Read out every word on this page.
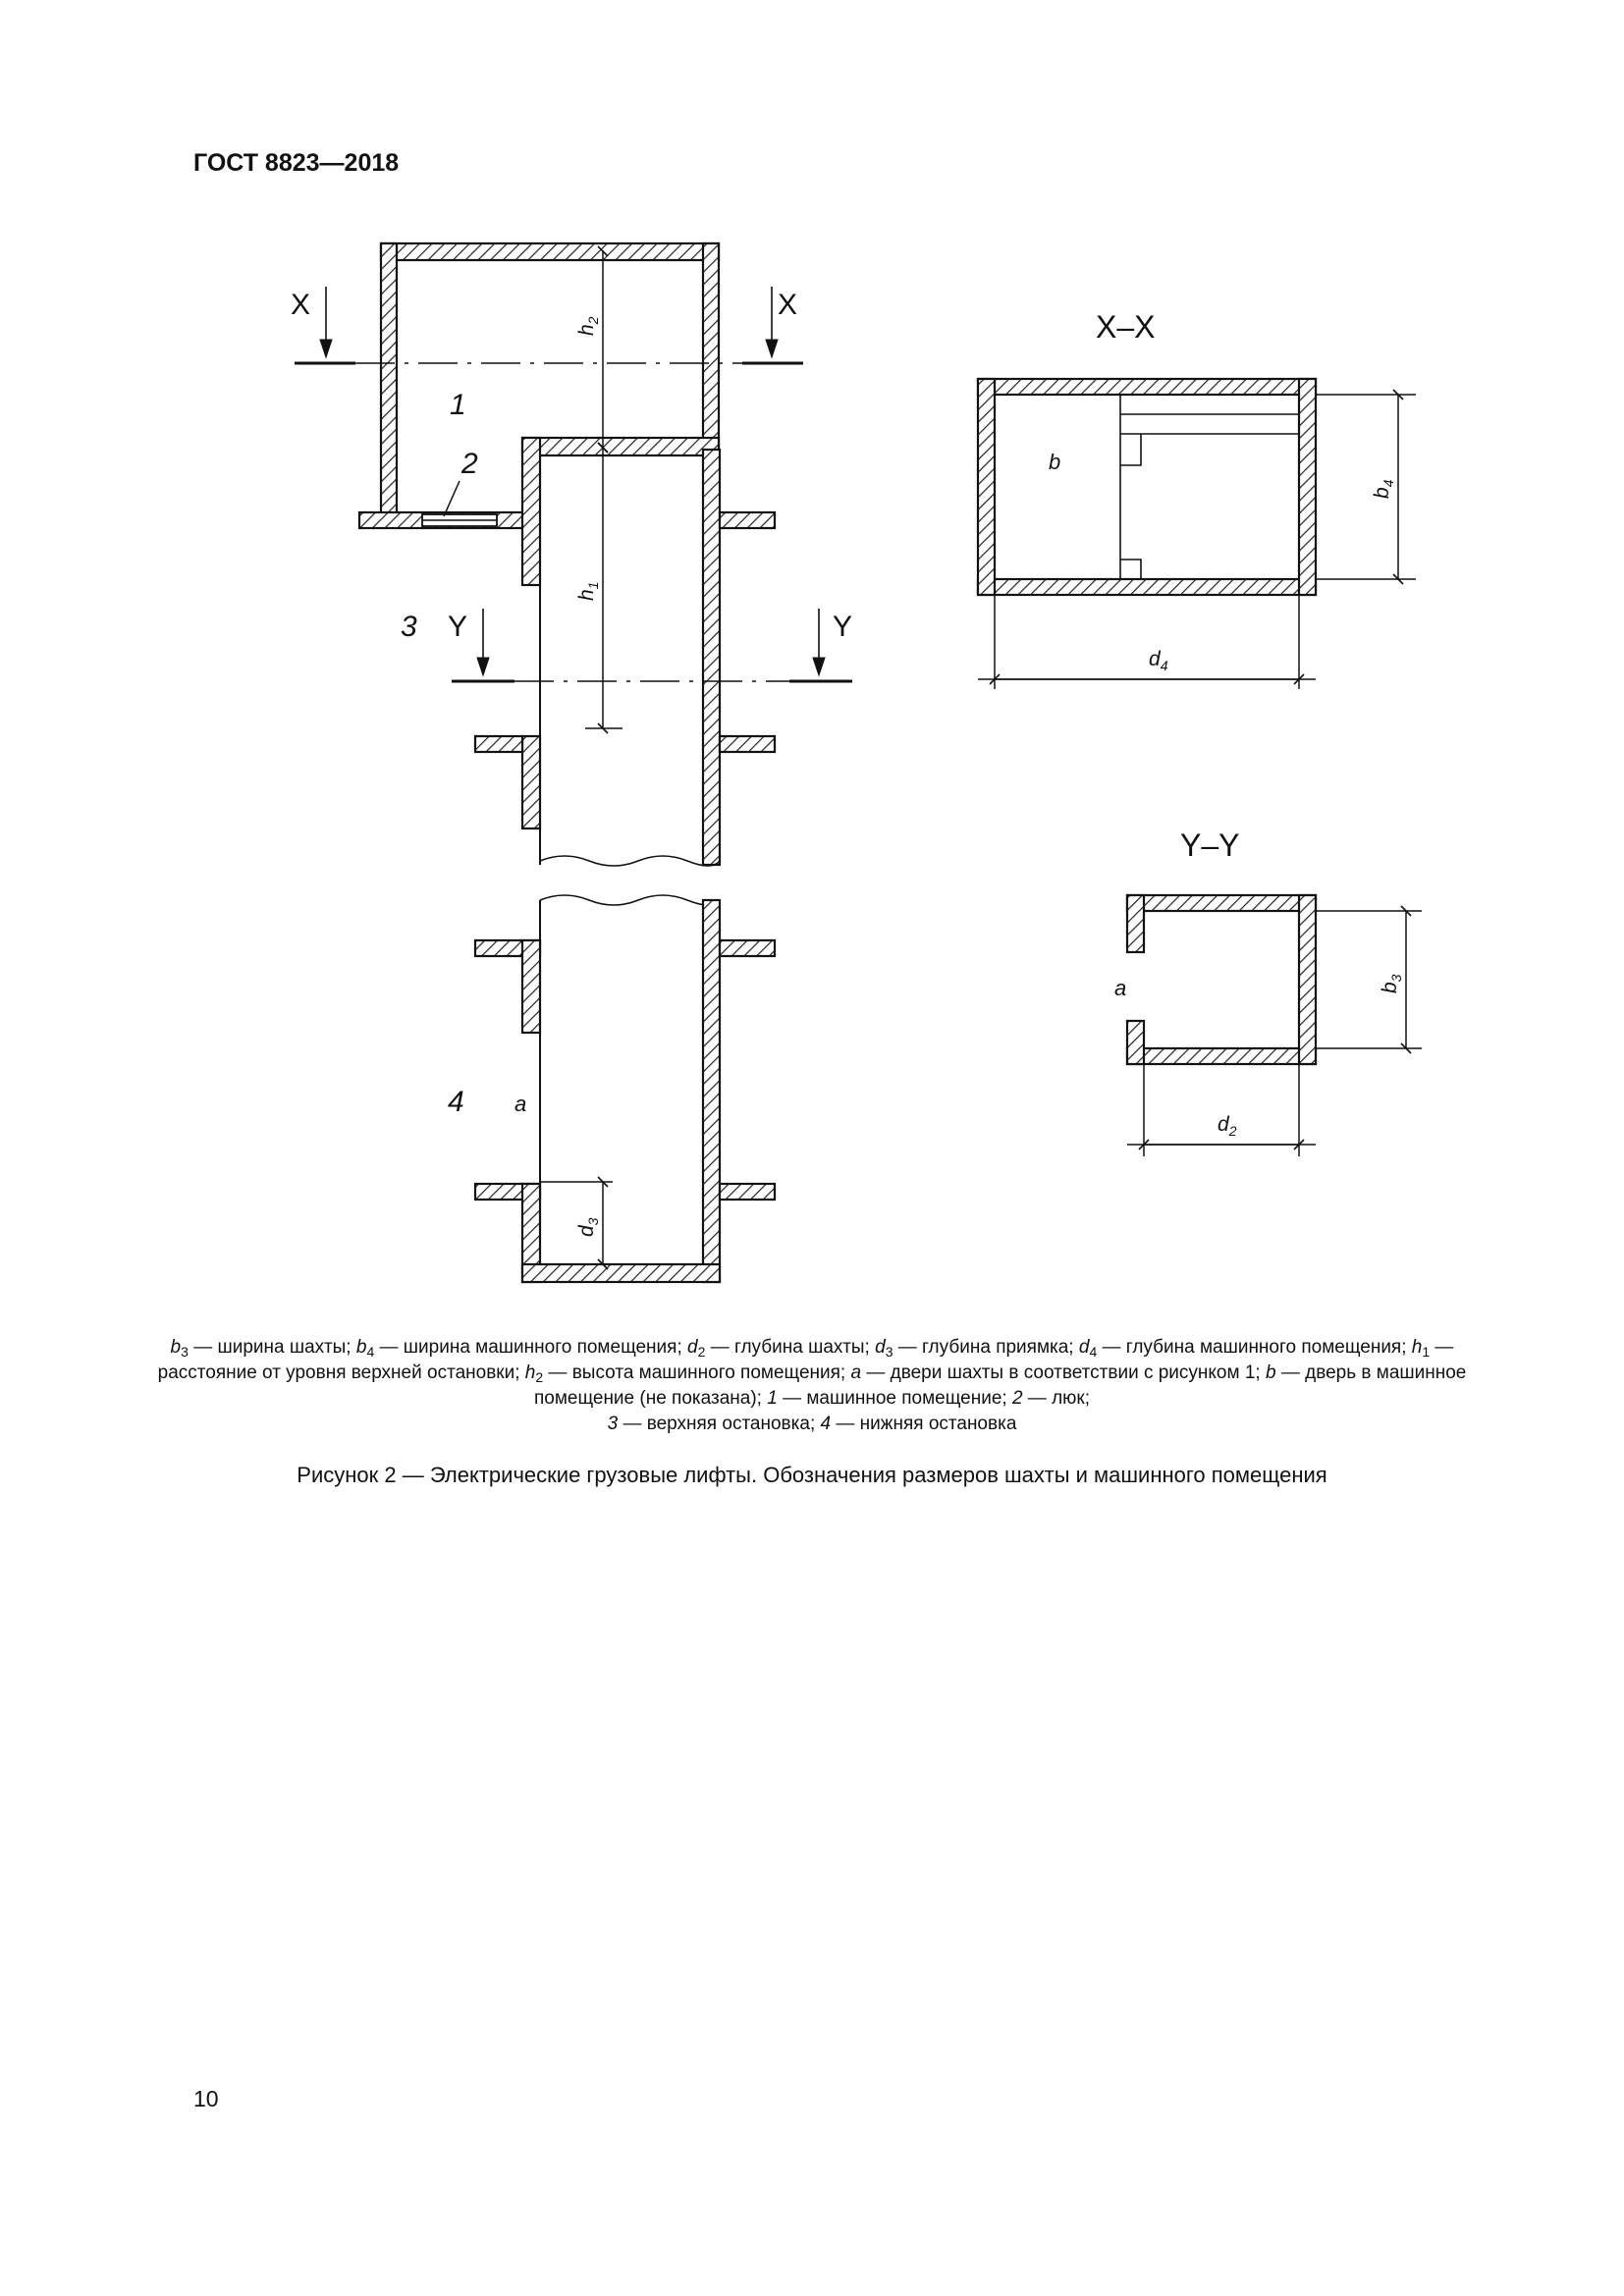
ГОСТ 8823—2018
X	X
Y	Y
1
2
3
4
$h_2$
$h_1$
$d_3$
a
X–X
b
$b_4$
$d_4$
Y–Y
a	$b_3$
$d_2$
$b_3$ — ширина шахты; $b_4$ — ширина машинного помещения; $d_2$ — глубина шахты; $d_3$ — глубина приямка; $d_4$ — глубина машинного помещения; $h_1$ — расстояние от уровня верхней остановки; $h_2$ — высота машинного помещения; a — двери шахты в соответствии с рисунком 1; b — дверь в машинное помещение (не показана); 1 — машинное помещение; 2 — люк;
3 — верхняя остановка; 4 — нижняя остановка
Рисунок 2 — Электрические грузовые лифты. Обозначения размеров шахты и машинного помещения
10
